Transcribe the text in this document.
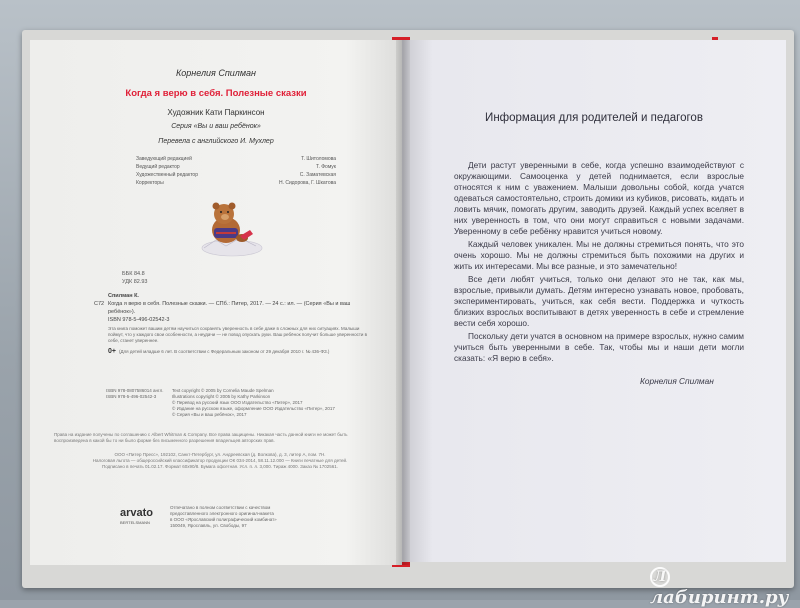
Корнелия Спилман
Когда я верю в себя. Полезные сказки
Художник Кати Паркинсон
Серия «Вы и ваш ребёнок»
Перевела с английского И. Мухлер
Заведующий редакцией	Т. Шитоломова
Ведущий редактор	Т. Фомук
Художественный редактор	С. Заматевская
Корректоры	Н. Сидорова, Г. Шкатова
ББК 84.8
УДК 82.93
С72
Спилман К.
Когда я верю в себя. Полезные сказки. — СПб.: Питер, 2017. — 24 с.: ил. — (Серия «Вы и ваш ребёнок»).
ISBN 978-5-496-02542-3
Эта книга поможет вашим детям научиться сохранять уверенность в себе даже в сложных для них ситуациях. Малыши поймут, что у каждого свои особенности, а неудачи — не повод опускать руки. Ваш ребёнок получит больше уверенности в себе, станет увереннее.
0+ (Для детей младше 6 лет. В соответствии с Федеральным законом от 29 декабря 2010 г. № 436-ФЗ.)
ISBN 978-0807586014 англ.
ISBN 978-5-496-02542-3
Text copyright © 2005 by Cornelia Maude Spelman
Illustrations copyright © 2005 by Kathy Parkinson
© Перевод на русский язык ООО Издательство «Питер», 2017
© Издание на русском языке, оформление ООО Издательство «Питер», 2017
© Серия «Вы и ваш ребёнок», 2017
Права на издание получены по соглашению с Albert Whitman & Company. Все права защищены. Никакая часть данной книги не может быть воспроизведена в какой бы то ни было форме без письменного разрешения владельцев авторских прав.
ООО «Питер Пресс», 192102, Санкт-Петербург, ул. Андреевская (д. Волкова), д. 3, литер А, пом. 7Н.
Налоговая льгота — общероссийский классификатор продукции ОК 034-2014, 58.11.12.000 — Книги печатные для детей.
Подписано в печать 01.02.17. Формат 60х90/8. Бумага офсетная. Усл. п. л. 3,000. Тираж 4000. Заказ № 1702561.
arvato
BERTELSMANN
Отпечатано в полном соответствии с качеством
предоставленного электронного оригинал-макета
в ООО «Ярославский полиграфический комбинат»
150049, Ярославль, ул. Свободы, 97
Информация для родителей и педагогов

Дети растут уверенными в себе, когда успешно взаимодействуют с окружающими. Самооценка у детей поднимается, если взрослые относятся к ним с уважением. Малыши довольны собой, когда учатся одеваться самостоятельно, строить домики из кубиков, рисовать, кидать и ловить мячик, помогать другим, заводить друзей. Каждый успех вселяет в них уверенность в том, что они могут справиться с новыми задачами. Уверенному в себе ребёнку нравится учиться новому.

Каждый человек уникален. Мы не должны стремиться понять, что это очень хорошо. Мы не должны стремиться быть похожими на других и жить их интересами. Мы все разные, и это замечательно!

Все дети любят учиться, только они делают это не так, как мы, взрослые, привыкли думать. Детям интересно узнавать новое, пробовать, экспериментировать, учиться, как себя вести. Поддержка и чуткость близких взрослых воспитывают в детях уверенность в себе и стремление вести себя хорошо.

Поскольку дети учатся в основном на примере взрослых, нужно самим учиться быть уверенными в себе. Так, чтобы мы и наши дети могли сказать: «Я верю в себя».

Корнелия Спилман
Ллабиринт.ру
